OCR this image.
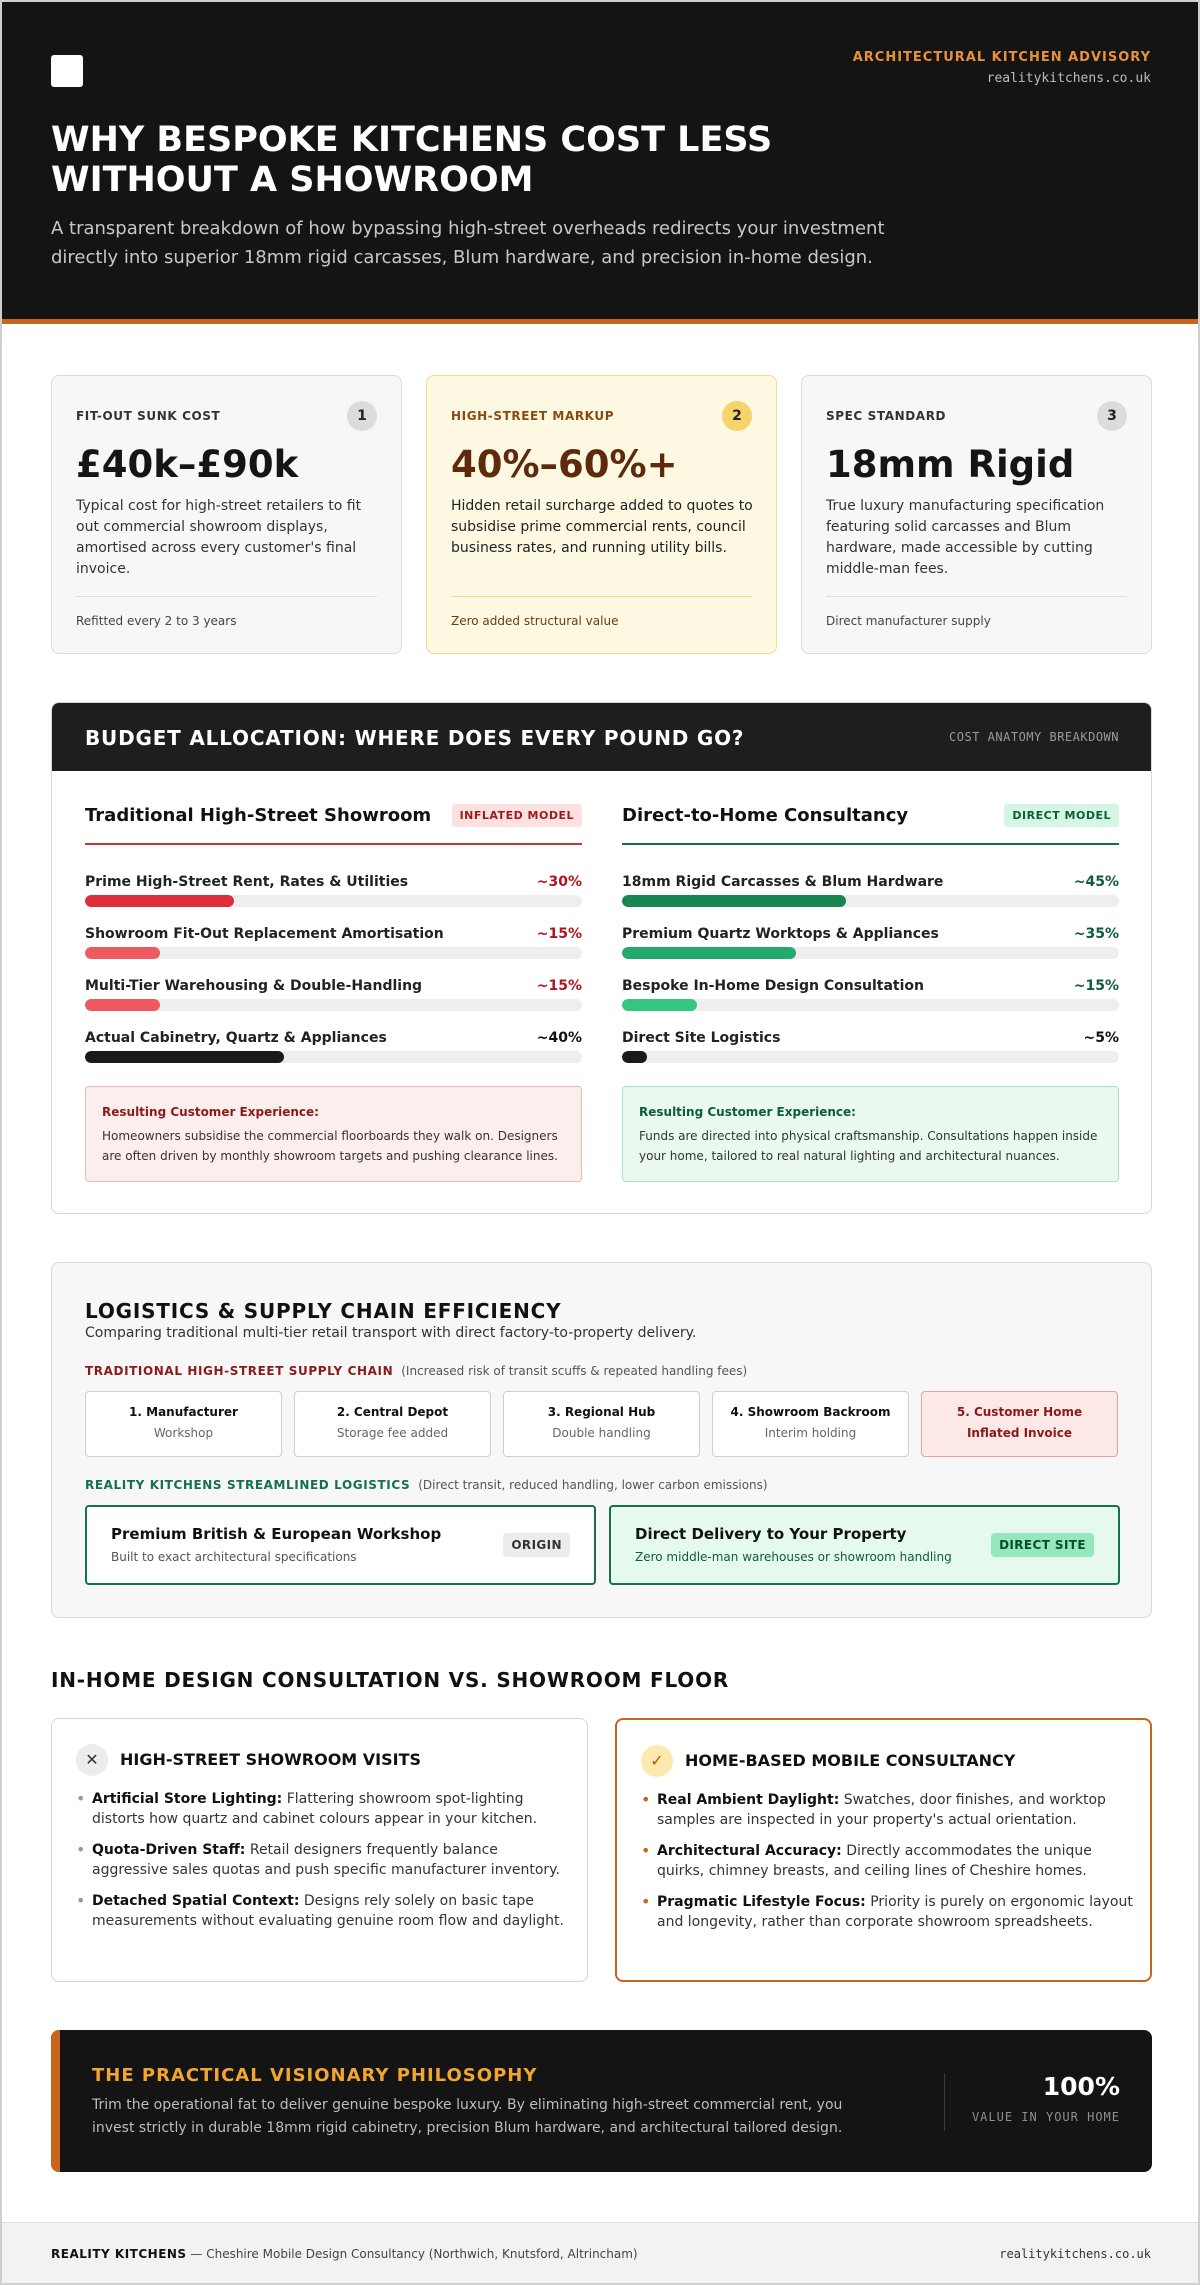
ARCHITECTURAL KITCHEN ADVISORY
realitykitchens.co.uk
WHY BESPOKE KITCHENS COST LESS WITHOUT A SHOWROOM

A transparent breakdown of how bypassing high-street overheads redirects your investment directly into superior 18mm rigid carcasses, Blum hardware, and precision in-home design.

FIT-OUT SUNK COST	1
£40k–£90k
Typical cost for high-street retailers to fit out commercial showroom displays, amortised across every customer's final invoice.
Refitted every 2 to 3 years
HIGH-STREET MARKUP	2
40%–60%+
Hidden retail surcharge added to quotes to subsidise prime commercial rents, council business rates, and running utility bills.
Zero added structural value
SPEC STANDARD	3
18mm Rigid
True luxury manufacturing specification featuring solid carcasses and Blum hardware, made accessible by cutting middle-man fees.
Direct manufacturer supply
BUDGET ALLOCATION: WHERE DOES EVERY POUND GO?	COST ANATOMY BREAKDOWN
Traditional High-Street Showroom	INFLATED MODEL
Prime High-Street Rent, Rates & Utilities	~30%
Showroom Fit-Out Replacement Amortisation	~15%
Multi-Tier Warehousing & Double-Handling	~15%
Actual Cabinetry, Quartz & Appliances	~40%
Resulting Customer Experience:
Homeowners subsidise the commercial floorboards they walk on. Designers are often driven by monthly showroom targets and pushing clearance lines.
Direct-to-Home Consultancy	DIRECT MODEL
18mm Rigid Carcasses & Blum Hardware	~45%
Premium Quartz Worktops & Appliances	~35%
Bespoke In-Home Design Consultation	~15%
Direct Site Logistics	~5%
Resulting Customer Experience:
Funds are directed into physical craftsmanship. Consultations happen inside your home, tailored to real natural lighting and architectural nuances.
LOGISTICS & SUPPLY CHAIN EFFICIENCY
Comparing traditional multi-tier retail transport with direct factory-to-property delivery.
TRADITIONAL HIGH-STREET SUPPLY CHAIN (Increased risk of transit scuffs & repeated handling fees)
1. Manufacturer
Workshop
2. Central Depot
Storage fee added
3. Regional Hub
Double handling
4. Showroom Backroom
Interim holding
5. Customer Home
Inflated Invoice
REALITY KITCHENS STREAMLINED LOGISTICS (Direct transit, reduced handling, lower carbon emissions)
Premium British & European Workshop
Built to exact architectural specifications
ORIGIN
Direct Delivery to Your Property
Zero middle-man warehouses or showroom handling
DIRECT SITE
IN-HOME DESIGN CONSULTATION VS. SHOWROOM FLOOR
✕	HIGH-STREET SHOWROOM VISITS
• Artificial Store Lighting: Flattering showroom spot-lighting distorts how quartz and cabinet colours appear in your kitchen.
• Quota-Driven Staff: Retail designers frequently balance aggressive sales quotas and push specific manufacturer inventory.
• Detached Spatial Context: Designs rely solely on basic tape measurements without evaluating genuine room flow and daylight.
✓	HOME-BASED MOBILE CONSULTANCY
• Real Ambient Daylight: Swatches, door finishes, and worktop samples are inspected in your property's actual orientation.
• Architectural Accuracy: Directly accommodates the unique quirks, chimney breasts, and ceiling lines of Cheshire homes.
• Pragmatic Lifestyle Focus: Priority is purely on ergonomic layout and longevity, rather than corporate showroom spreadsheets.
THE PRACTICAL VISIONARY PHILOSOPHY
Trim the operational fat to deliver genuine bespoke luxury. By eliminating high-street commercial rent, you invest strictly in durable 18mm rigid cabinetry, precision Blum hardware, and architectural tailored design.
100%
VALUE IN YOUR HOME
REALITY KITCHENS — Cheshire Mobile Design Consultancy (Northwich, Knutsford, Altrincham)	realitykitchens.co.uk
